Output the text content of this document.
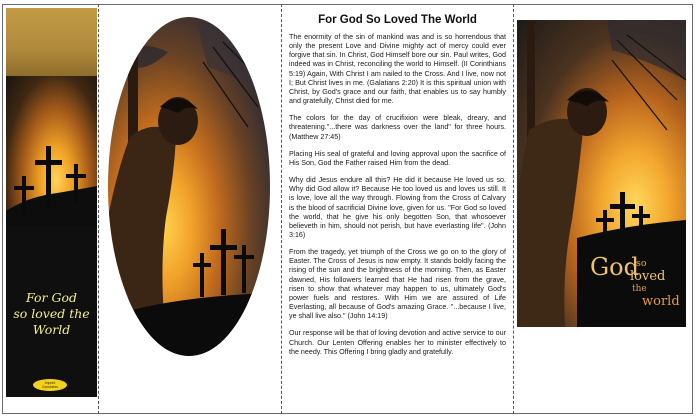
For God
so loved the
World
Imprint
Goodness
For God So Loved The World

The enormity of the sin of mankind was and is so horrendous that only the present Love and Divine mighty act of mercy could ever forgive that sin. In Christ, God Himself bore our sin. Paul writes, God indeed was in Christ, reconciling the world to Himself. (II Corinthians 5:19) Again, With Christ I am nailed to the Cross. And I live, now not I; But Christ lives in me. (Galatians 2:20) It is this spiritual union with Christ, by God's grace and our faith, that enables us to say humbly and gratefully, Christ died for me.

The colors for the day of crucifixion were bleak, dreary, and threatening."...there was darkness over the land" for three hours. (Matthew 27:45)

Placing His seal of grateful and loving approval upon the sacrifice of His Son, God the Father raised Him from the dead.

Why did Jesus endure all this? He did it because He loved us so. Why did God allow it? Because He too loved us and loves us still. It is love, love all the way through. Flowing from the Cross of Calvary is the blood of sacrificial Divine love, given for us. "For God so loved the world, that he give his only begotten Son, that whosoever believeth in him, should not perish, but have everlasting life". (John 3:16)

From the tragedy, yet triumph of the Cross we go on to the glory of Easter. The Cross of Jesus is now empty. It stands boldly facing the rising of the sun and the brightness of the morning. Then, as Easter dawned, His followers learned that He had risen from the grave, risen to show that whatever may happen to us, ultimately God's power fuels and restores. With Him we are assured of Life Everlasting, all because of God's amazing Grace. "...because I live, ye shall live also." (John 14:19)

Our response will be that of loving devotion and active service to our Church. Our Lenten Offering enables her to minister effectively to the needy. This Offering I bring gladly and gratefully.

God
so
loved
the
world
